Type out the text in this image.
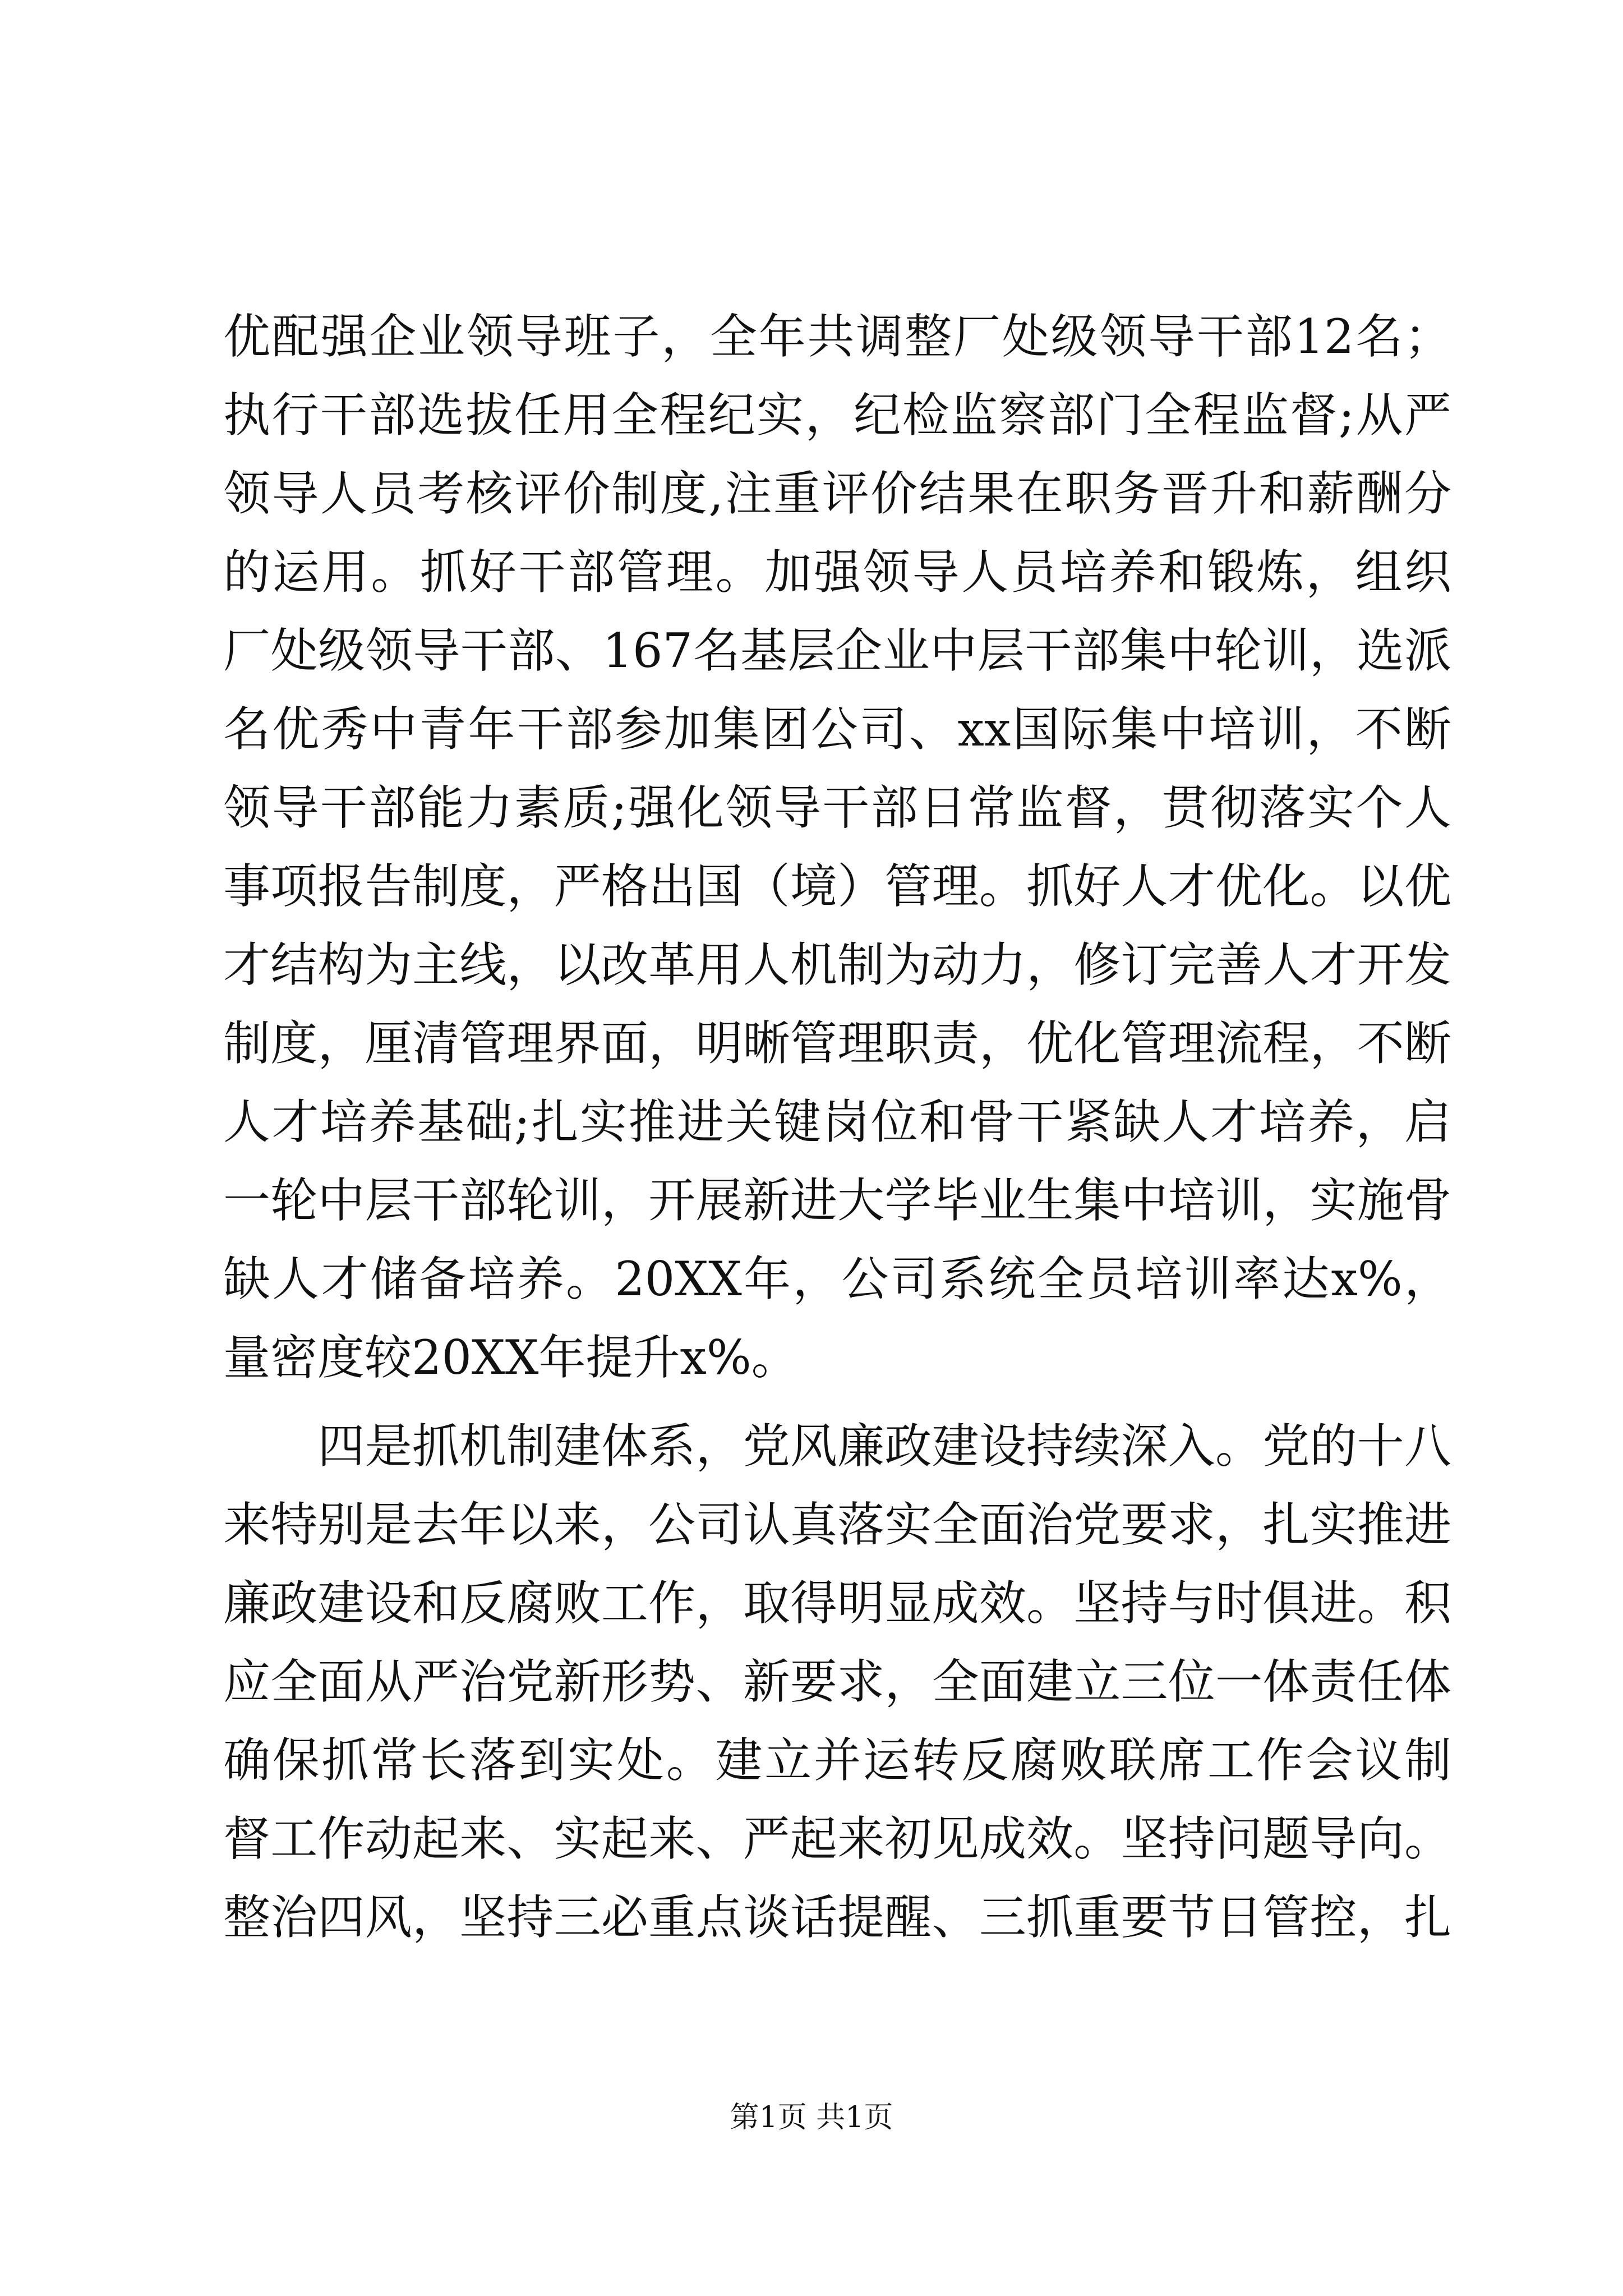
优配强企业领导班子，全年共调整厂处级领导干部12名；
执行干部选拔任用全程纪实，纪检监察部门全程监督;从严
领导人员考核评价制度,注重评价结果在职务晋升和薪酬分
的运用。抓好干部管理。加强领导人员培养和锻炼，组织
厂处级领导干部、167名基层企业中层干部集中轮训，选派
名优秀中青年干部参加集团公司、xx国际集中培训，不断
领导干部能力素质;强化领导干部日常监督，贯彻落实个人
事项报告制度，严格出国（境）管理。抓好人才优化。以优
才结构为主线，以改革用人机制为动力，修订完善人才开发
制度，厘清管理界面，明晰管理职责，优化管理流程，不断
人才培养基础;扎实推进关键岗位和骨干紧缺人才培养，启
一轮中层干部轮训，开展新进大学毕业生集中培训，实施骨
缺人才储备培养。20XX年，公司系统全员培训率达x%，
量密度较20XX年提升x%。
　　四是抓机制建体系，党风廉政建设持续深入。党的十八
来特别是去年以来，公司认真落实全面治党要求，扎实推进
廉政建设和反腐败工作，取得明显成效。坚持与时俱进。积
应全面从严治党新形势、新要求，全面建立三位一体责任体
确保抓常长落到实处。建立并运转反腐败联席工作会议制
督工作动起来、实起来、严起来初见成效。坚持问题导向。
整治四风，坚持三必重点谈话提醒、三抓重要节日管控，扎
第1页 共1页
